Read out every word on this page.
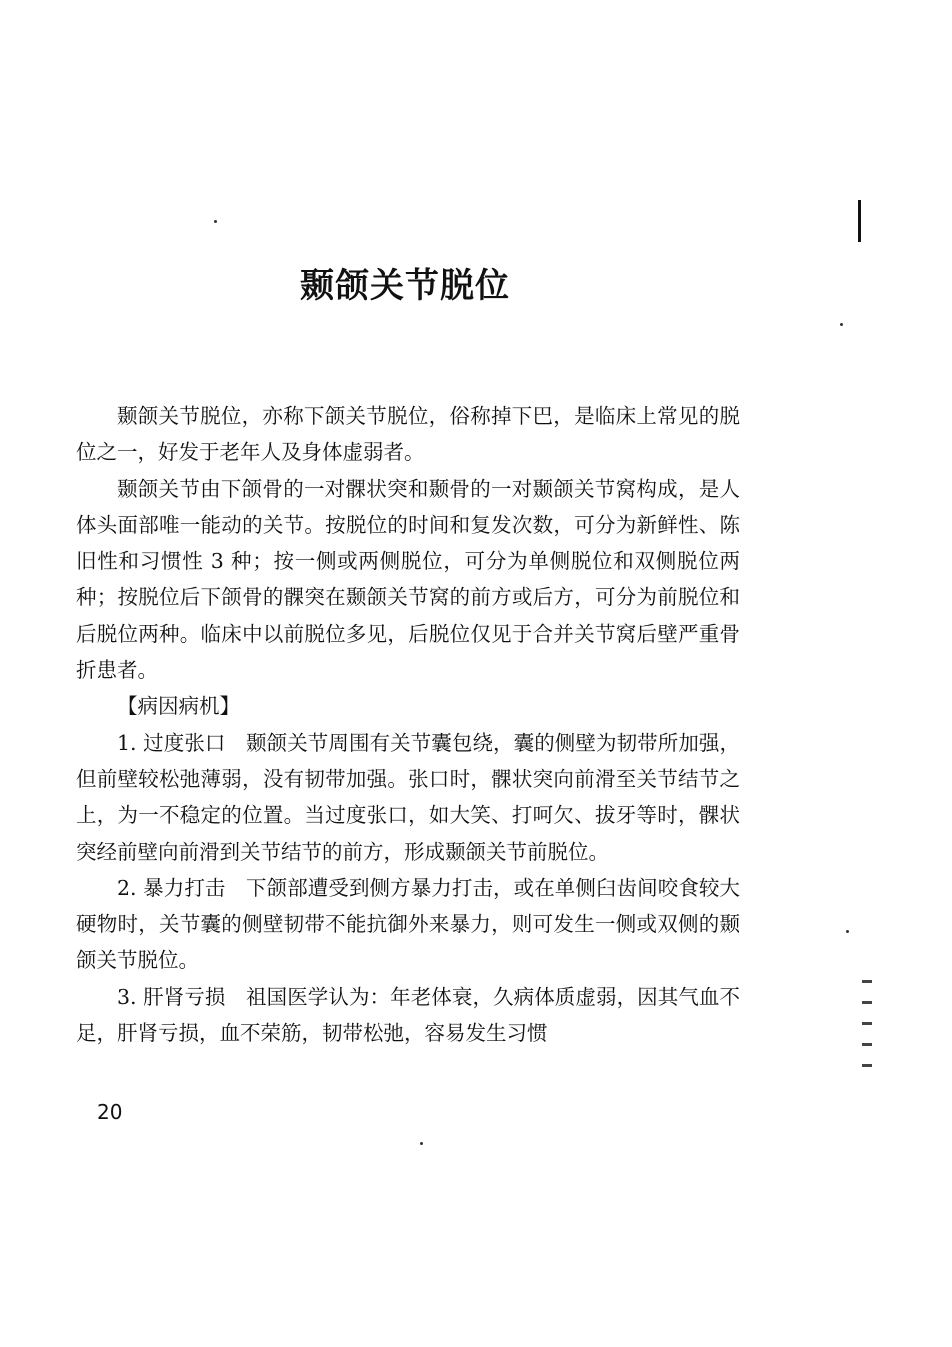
颞颌关节脱位

颞颌关节脱位，亦称下颌关节脱位，俗称掉下巴，是临床上常见的脱位之一，好发于老年人及身体虚弱者。

颞颌关节由下颌骨的一对髁状突和颞骨的一对颞颌关节窝构成，是人体头面部唯一能动的关节。按脱位的时间和复发次数，可分为新鲜性、陈旧性和习惯性 3 种；按一侧或两侧脱位，可分为单侧脱位和双侧脱位两种；按脱位后下颌骨的髁突在颞颌关节窝的前方或后方，可分为前脱位和后脱位两种。临床中以前脱位多见，后脱位仅见于合并关节窝后壁严重骨折患者。

【病因病机】

1. 过度张口 颞颌关节周围有关节囊包绕，囊的侧壁为韧带所加强，但前壁较松弛薄弱，没有韧带加强。张口时，髁状突向前滑至关节结节之上，为一不稳定的位置。当过度张口，如大笑、打呵欠、拔牙等时，髁状突经前壁向前滑到关节结节的前方，形成颞颌关节前脱位。

2. 暴力打击 下颌部遭受到侧方暴力打击，或在单侧臼齿间咬食较大硬物时，关节囊的侧壁韧带不能抗御外来暴力，则可发生一侧或双侧的颞颌关节脱位。

3. 肝肾亏损 祖国医学认为：年老体衰，久病体质虚弱，因其气血不足，肝肾亏损，血不荣筋，韧带松弛，容易发生习惯

20
